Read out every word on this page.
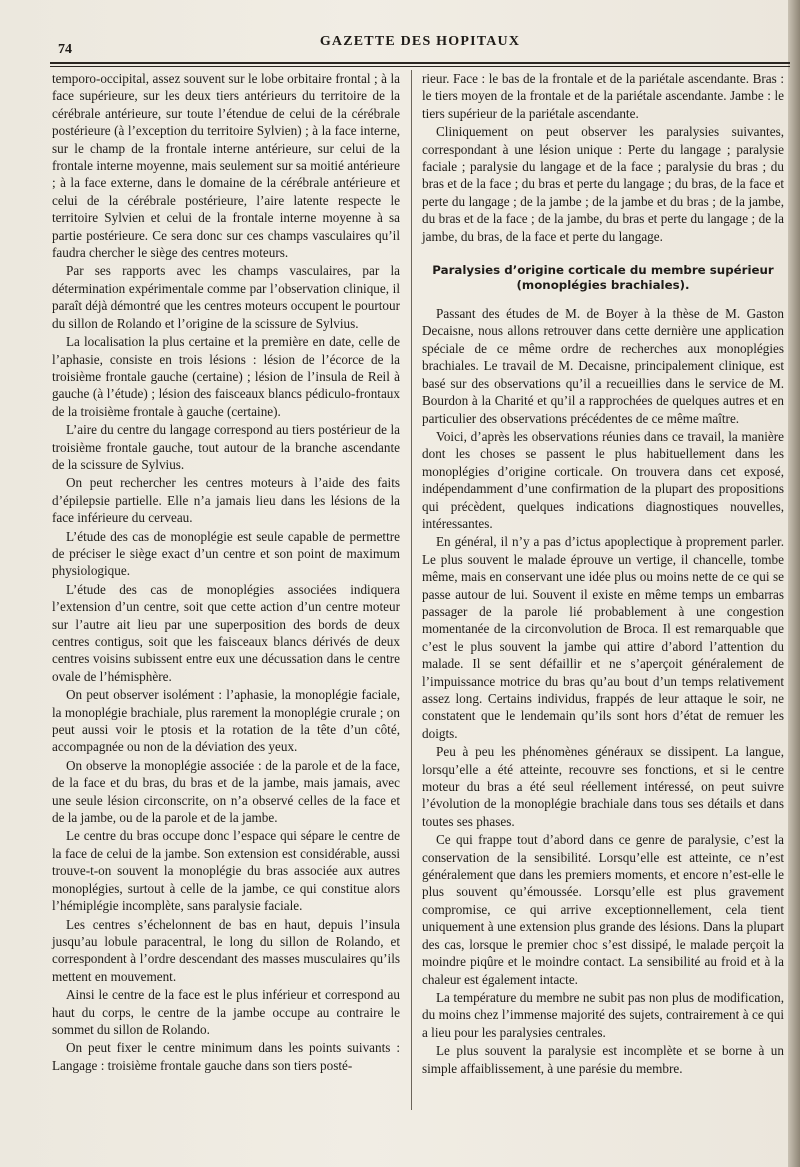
74
GAZETTE DES HOPITAUX

temporo-occipital, assez souvent sur le lobe orbitaire frontal ; à la face supérieure, sur les deux tiers antérieurs du territoire de la cérébrale antérieure, sur toute l’étendue de celui de la cérébrale postérieure (à l’exception du territoire Sylvien) ; à la face interne, sur le champ de la frontale interne antérieure, sur celui de la frontale interne moyenne, mais seulement sur sa moitié antérieure ; à la face externe, dans le domaine de la cérébrale antérieure et celui de la cérébrale postérieure, l’aire latente respecte le territoire Sylvien et celui de la frontale interne moyenne à sa partie postérieure. Ce sera donc sur ces champs vasculaires qu’il faudra chercher le siège des centres moteurs.

Par ses rapports avec les champs vasculaires, par la détermination expérimentale comme par l’observation clinique, il paraît déjà démontré que les centres moteurs occupent le pourtour du sillon de Rolando et l’origine de la scissure de Sylvius.

La localisation la plus certaine et la première en date, celle de l’aphasie, consiste en trois lésions : lésion de l’écorce de la troisième frontale gauche (certaine) ; lésion de l’insula de Reil à gauche (à l’étude) ; lésion des faisceaux blancs pédiculo-frontaux de la troisième frontale à gauche (certaine).

L’aire du centre du langage correspond au tiers postérieur de la troisième frontale gauche, tout autour de la branche ascendante de la scissure de Sylvius.

On peut rechercher les centres moteurs à l’aide des faits d’épilepsie partielle. Elle n’a jamais lieu dans les lésions de la face inférieure du cerveau.

L’étude des cas de monoplégie est seule capable de permettre de préciser le siège exact d’un centre et son point de maximum physiologique.

L’étude des cas de monoplégies associées indiquera l’extension d’un centre, soit que cette action d’un centre moteur sur l’autre ait lieu par une superposition des bords de deux centres contigus, soit que les faisceaux blancs dérivés de deux centres voisins subissent entre eux une décussation dans le centre ovale de l’hémisphère.

On peut observer isolément : l’aphasie, la monoplégie faciale, la monoplégie brachiale, plus rarement la monoplégie crurale ; on peut aussi voir le ptosis et la rotation de la tête d’un côté, accompagnée ou non de la déviation des yeux.

On observe la monoplégie associée : de la parole et de la face, de la face et du bras, du bras et de la jambe, mais jamais, avec une seule lésion circonscrite, on n’a observé celles de la face et de la jambe, ou de la parole et de la jambe.

Le centre du bras occupe donc l’espace qui sépare le centre de la face de celui de la jambe. Son extension est considérable, aussi trouve-t-on souvent la monoplégie du bras associée aux autres monoplégies, surtout à celle de la jambe, ce qui constitue alors l’hémiplégie incomplète, sans paralysie faciale.

Les centres s’échelonnent de bas en haut, depuis l’insula jusqu’au lobule paracentral, le long du sillon de Rolando, et correspondent à l’ordre descendant des masses musculaires qu’ils mettent en mouvement.

Ainsi le centre de la face est le plus inférieur et correspond au haut du corps, le centre de la jambe occupe au contraire le sommet du sillon de Rolando.

On peut fixer le centre minimum dans les points suivants : Langage : troisième frontale gauche dans son tiers posté-

rieur. Face : le bas de la frontale et de la pariétale ascendante. Bras : le tiers moyen de la frontale et de la pariétale ascendante. Jambe : le tiers supérieur de la pariétale ascendante.

Cliniquement on peut observer les paralysies suivantes, correspondant à une lésion unique : Perte du langage ; paralysie faciale ; paralysie du langage et de la face ; paralysie du bras ; du bras et de la face ; du bras et perte du langage ; du bras, de la face et perte du langage ; de la jambe ; de la jambe et du bras ; de la jambe, du bras et de la face ; de la jambe, du bras et perte du langage ; de la jambe, du bras, de la face et perte du langage.

Paralysies d’origine corticale du membre supérieur (monoplégies brachiales).

Passant des études de M. de Boyer à la thèse de M. Gaston Decaisne, nous allons retrouver dans cette dernière une application spéciale de ce même ordre de recherches aux monoplégies brachiales. Le travail de M. Decaisne, principalement clinique, est basé sur des observations qu’il a recueillies dans le service de M. Bourdon à la Charité et qu’il a rapprochées de quelques autres et en particulier des observations précédentes de ce même maître.

Voici, d’après les observations réunies dans ce travail, la manière dont les choses se passent le plus habituellement dans les monoplégies d’origine corticale. On trouvera dans cet exposé, indépendamment d’une confirmation de la plupart des propositions qui précèdent, quelques indications diagnostiques nouvelles, intéressantes.

En général, il n’y a pas d’ictus apoplectique à proprement parler. Le plus souvent le malade éprouve un vertige, il chancelle, tombe même, mais en conservant une idée plus ou moins nette de ce qui se passe autour de lui. Souvent il existe en même temps un embarras passager de la parole lié probablement à une congestion momentanée de la circonvolution de Broca. Il est remarquable que c’est le plus souvent la jambe qui attire d’abord l’attention du malade. Il se sent défaillir et ne s’aperçoit généralement de l’impuissance motrice du bras qu’au bout d’un temps relativement assez long. Certains individus, frappés de leur attaque le soir, ne constatent que le lendemain qu’ils sont hors d’état de remuer les doigts.

Peu à peu les phénomènes généraux se dissipent. La langue, lorsqu’elle a été atteinte, recouvre ses fonctions, et si le centre moteur du bras a été seul réellement intéressé, on peut suivre l’évolution de la monoplégie brachiale dans tous ses détails et dans toutes ses phases.

Ce qui frappe tout d’abord dans ce genre de paralysie, c’est la conservation de la sensibilité. Lorsqu’elle est atteinte, ce n’est généralement que dans les premiers moments, et encore n’est-elle le plus souvent qu’émoussée. Lorsqu’elle est plus gravement compromise, ce qui arrive exceptionnellement, cela tient uniquement à une extension plus grande des lésions. Dans la plupart des cas, lorsque le premier choc s’est dissipé, le malade perçoit la moindre piqûre et le moindre contact. La sensibilité au froid et à la chaleur est également intacte.

La température du membre ne subit pas non plus de modification, du moins chez l’immense majorité des sujets, contrairement à ce qui a lieu pour les paralysies centrales.

Le plus souvent la paralysie est incomplète et se borne à un simple affaiblissement, à une parésie du membre.
